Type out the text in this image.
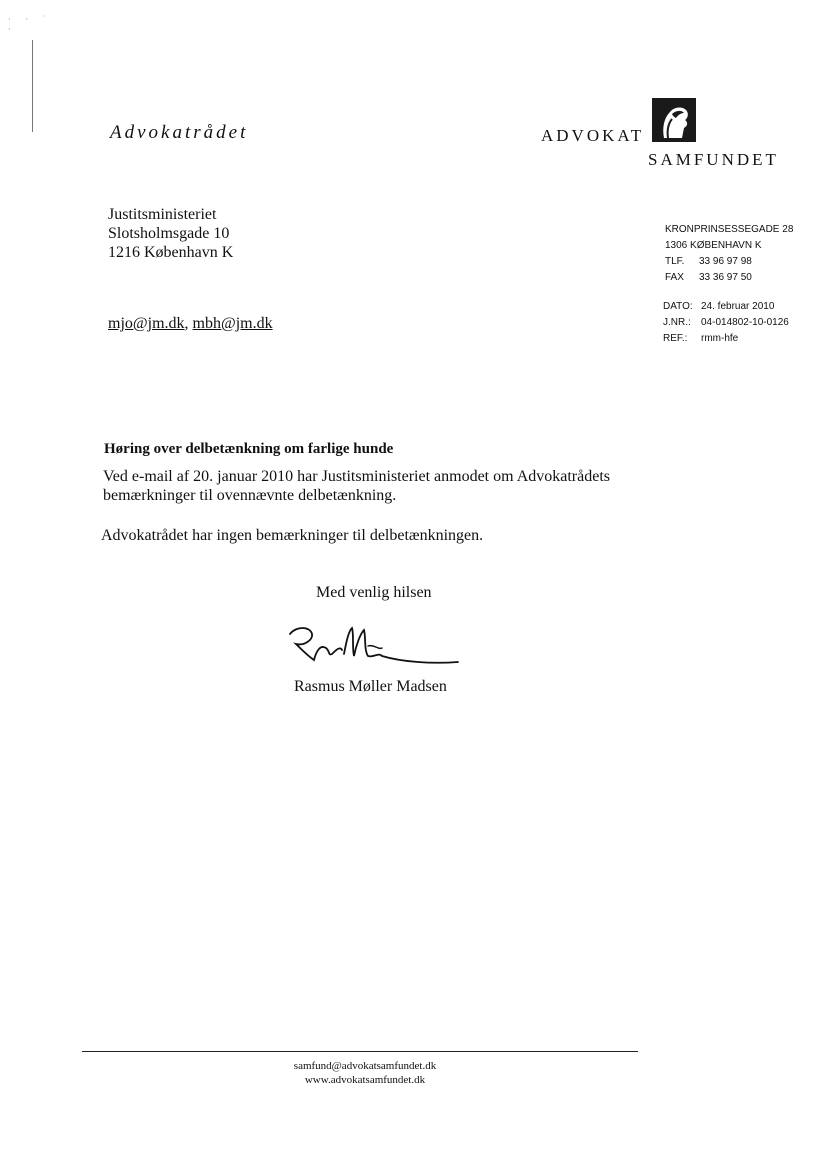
· · ˙ ·
Advokatrådet	ADVOKAT
SAMFUNDET
Justitsministeriet
Slotsholmsgade 10
1216 København K
mjo@jm.dk, mbh@jm.dk
KRONPRINSESSEGADE 28
1306 KØBENHAVN K
TLF. 33 96 97 98
FAX 33 36 97 50
DATO: 24. februar 2010
J.NR.: 04-014802-10-0126
REF.: rmm-hfe
Høring over delbetænkning om farlige hunde
Ved e-mail af 20. januar 2010 har Justitsministeriet anmodet om Advokatrådets bemærkninger til ovennævnte delbetænkning.
Advokatrådet har ingen bemærkninger til delbetænkningen.
Med venlig hilsen
Rasmus Møller Madsen
samfund@advokatsamfundet.dk
www.advokatsamfundet.dk
